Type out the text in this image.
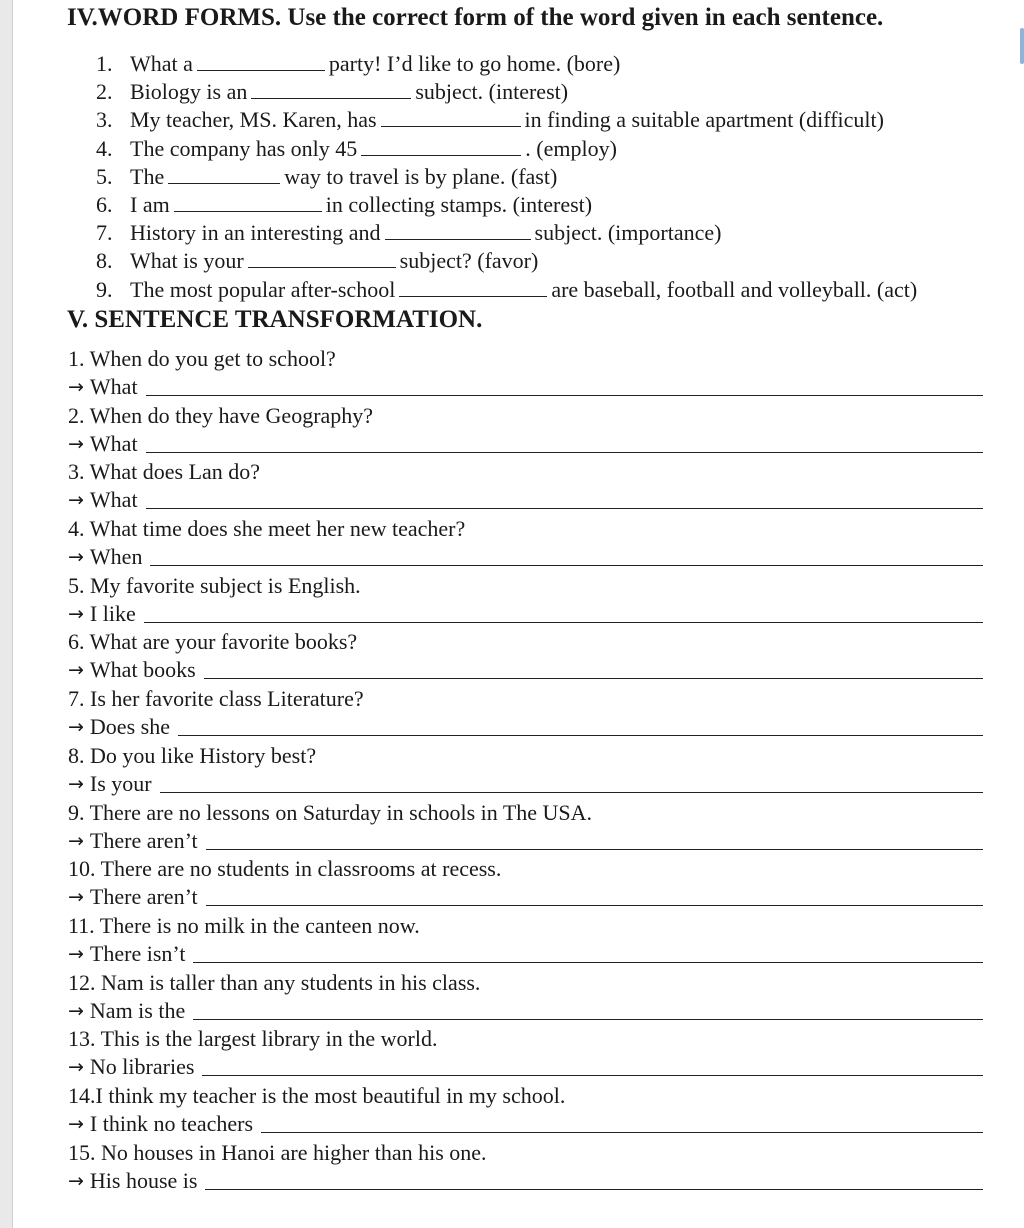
IV.WORD FORMS. Use the correct form of the word given in each sentence.
1. What a	party! I’d like to go home. (bore)
2. Biology is an	subject. (interest)
3. My teacher, MS. Karen, has	in finding a suitable apartment (difficult)
4. The company has only 45	. (employ)
5. The	way to travel is by plane. (fast)
6. I am	in collecting stamps. (interest)
7. History in an interesting and	subject. (importance)
8. What is your	subject? (favor)
9. The most popular after-school	are baseball, football and volleyball. (act)
V. SENTENCE TRANSFORMATION.
1. When do you get to school?
→ What
2. When do they have Geography?
→ What
3. What does Lan do?
→ What
4. What time does she meet her new teacher?
→ When
5. My favorite subject is English.
→ I like
6. What are your favorite books?
→ What books
7. Is her favorite class Literature?
→ Does she
8. Do you like History best?
→ Is your
9. There are no lessons on Saturday in schools in The USA.
→ There aren’t
10. There are no students in classrooms at recess.
→ There aren’t
11. There is no milk in the canteen now.
→ There isn’t
12. Nam is taller than any students in his class.
→ Nam is the
13. This is the largest library in the world.
→ No libraries
14.I think my teacher is the most beautiful in my school.
→ I think no teachers
15. No houses in Hanoi are higher than his one.
→ His house is
